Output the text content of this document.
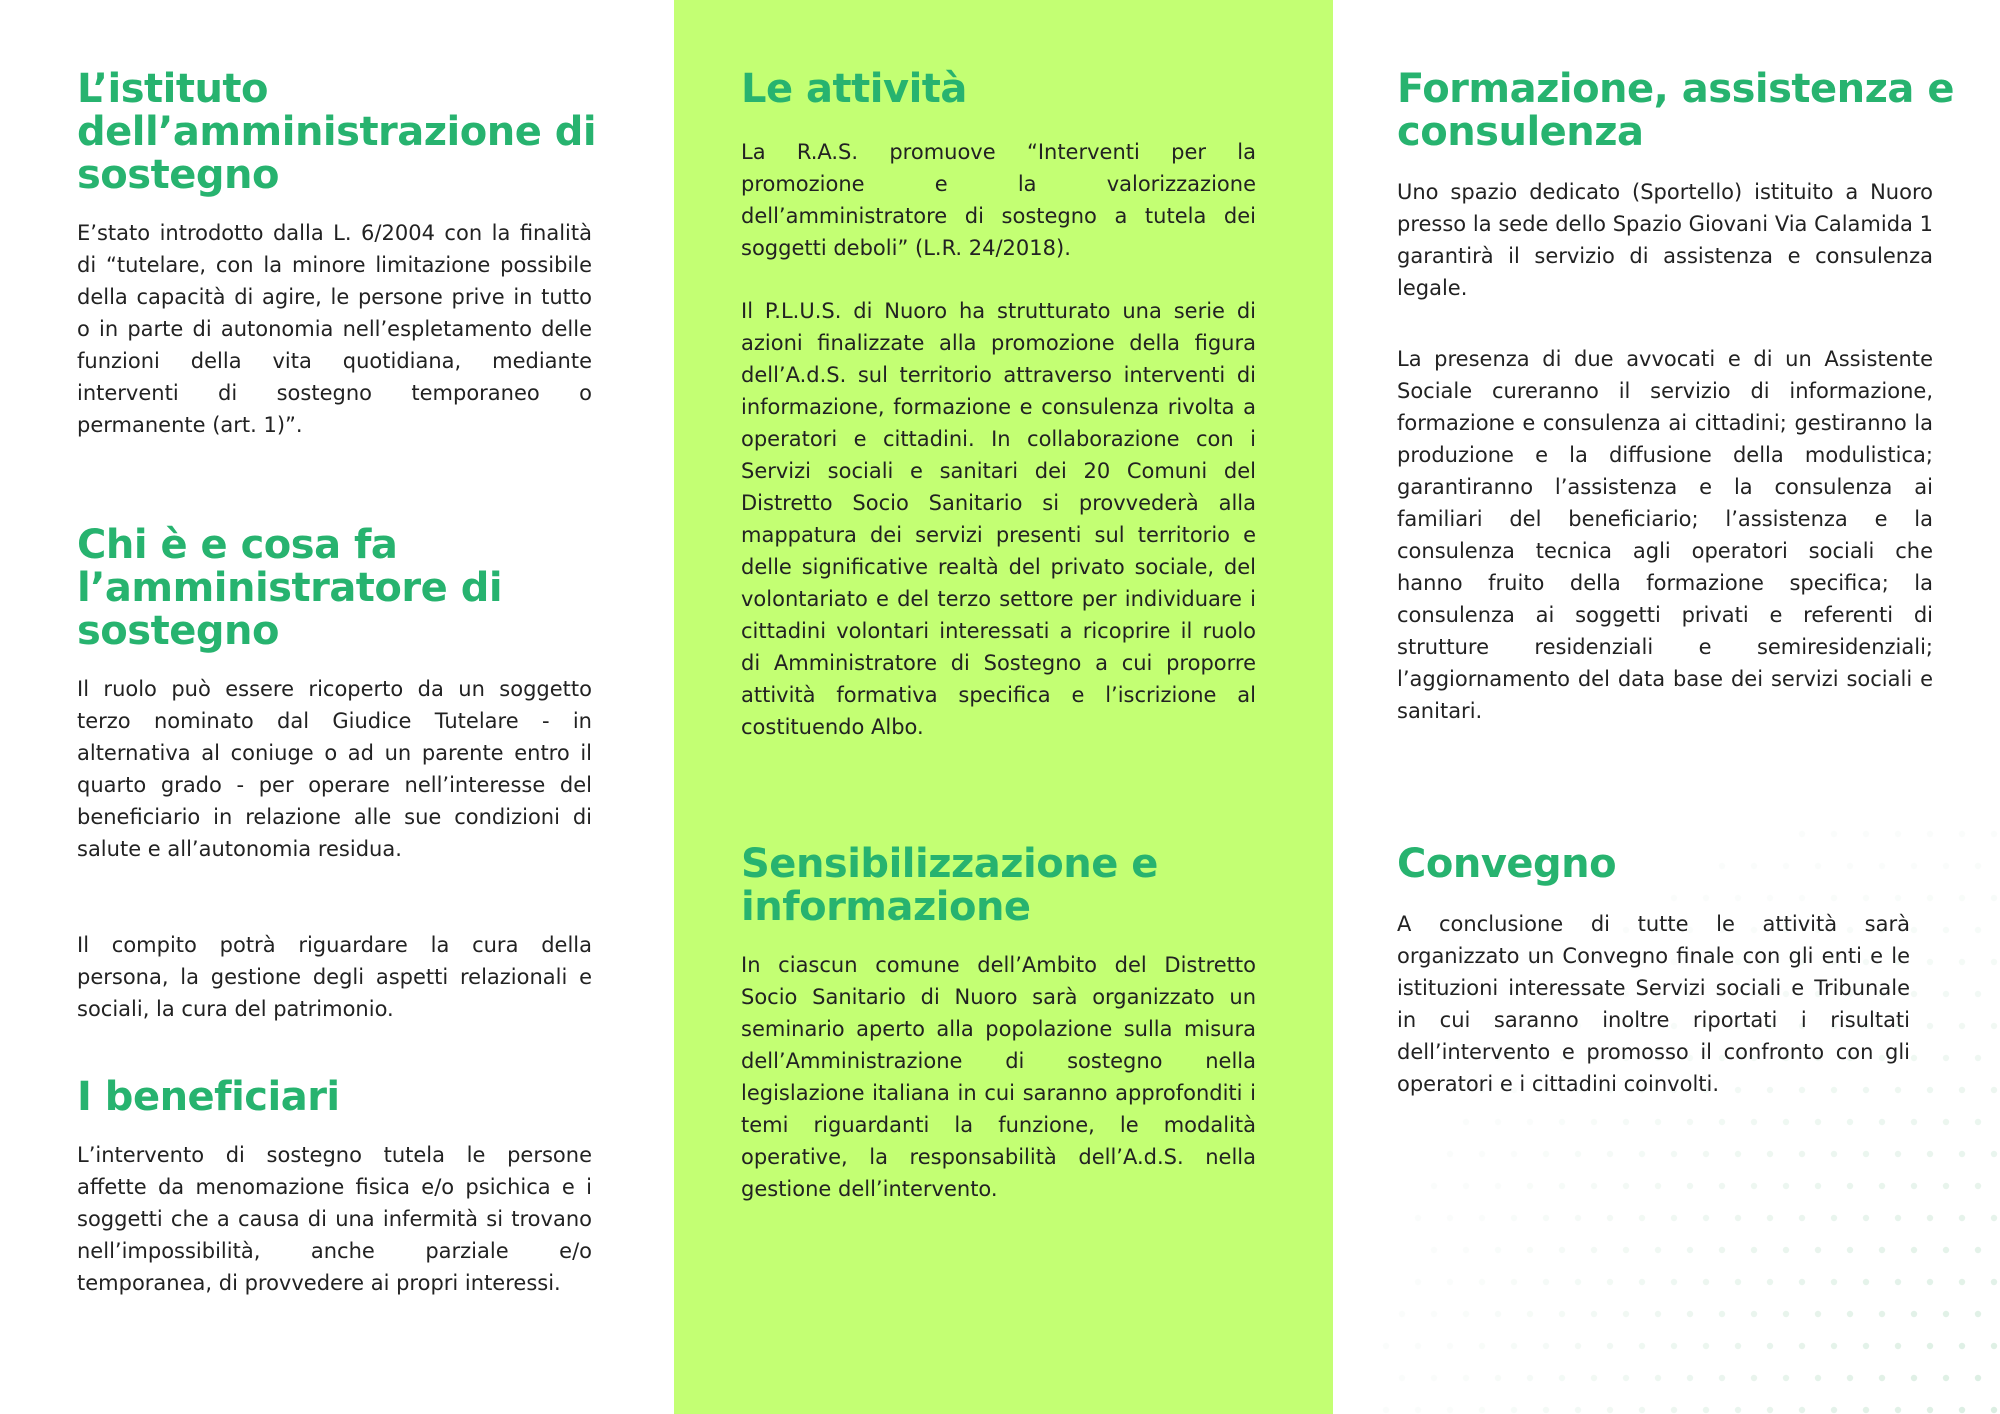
L’istituto dell’amministrazione di sostegno

E’stato introdotto dalla L. 6/2004 con la finalità di “tutelare, con la minore limitazione possibile della capacità di agire, le persone prive in tutto o in parte di autonomia nell’espletamento delle funzioni della vita quotidiana, mediante interventi di sostegno temporaneo o permanente (art. 1)”.

Chi è e cosa fa l’amministratore di sostegno

Il ruolo può essere ricoperto da un soggetto terzo nominato dal Giudice Tutelare - in alternativa al coniuge o ad un parente entro il quarto grado - per operare nell’interesse del beneficiario in relazione alle sue condizioni di salute e all’autonomia residua.

Il compito potrà riguardare la cura della persona, la gestione degli aspetti relazionali e sociali, la cura del patrimonio.

I beneficiari

L’intervento di sostegno tutela le persone affette da menomazione fisica e/o psichica e i soggetti che a causa di una infermità si trovano nell’impossibilità, anche parziale e/o temporanea, di provvedere ai propri interessi.

Le attività

La R.A.S. promuove “Interventi per la promozione e la valorizzazione dell’amministratore di sostegno a tutela dei soggetti deboli” (L.R. 24/2018).

Il P.L.U.S. di Nuoro ha strutturato una serie di azioni finalizzate alla promozione della figura dell’A.d.S. sul territorio attraverso interventi di informazione, formazione e consulenza rivolta a operatori e cittadini. In collaborazione con i Servizi sociali e sanitari dei 20 Comuni del Distretto Socio Sanitario si provvederà alla mappatura dei servizi presenti sul territorio e delle significative realtà del privato sociale, del volontariato e del terzo settore per individuare i cittadini volontari interessati a ricoprire il ruolo di Amministratore di Sostegno a cui proporre attività formativa specifica e l’iscrizione al costituendo Albo.

Sensibilizzazione e informazione

In ciascun comune dell’Ambito del Distretto Socio Sanitario di Nuoro sarà organizzato un seminario aperto alla popolazione sulla misura dell’Amministrazione di sostegno nella legislazione italiana in cui saranno approfonditi i temi riguardanti la funzione, le modalità operative, la responsabilità dell’A.d.S. nella gestione dell’intervento.

Formazione, assistenza e consulenza

Uno spazio dedicato (Sportello) istituito a Nuoro presso la sede dello Spazio Giovani Via Calamida 1 garantirà il servizio di assistenza e consulenza legale.

La presenza di due avvocati e di un Assistente Sociale cureranno il servizio di informazione, formazione e consulenza ai cittadini; gestiranno la produzione e la diffusione della modulistica; garantiranno l’assistenza e la consulenza ai familiari del beneficiario; l’assistenza e la consulenza tecnica agli operatori sociali che hanno fruito della formazione specifica; la consulenza ai soggetti privati e referenti di strutture residenziali e semiresidenziali; l’aggiornamento del data base dei servizi sociali e sanitari.

Convegno

A conclusione di tutte le attività sarà organizzato un Convegno finale con gli enti e le istituzioni interessate Servizi sociali e Tribunale in cui saranno inoltre riportati i risultati dell’intervento e promosso il confronto con gli operatori e i cittadini coinvolti.
